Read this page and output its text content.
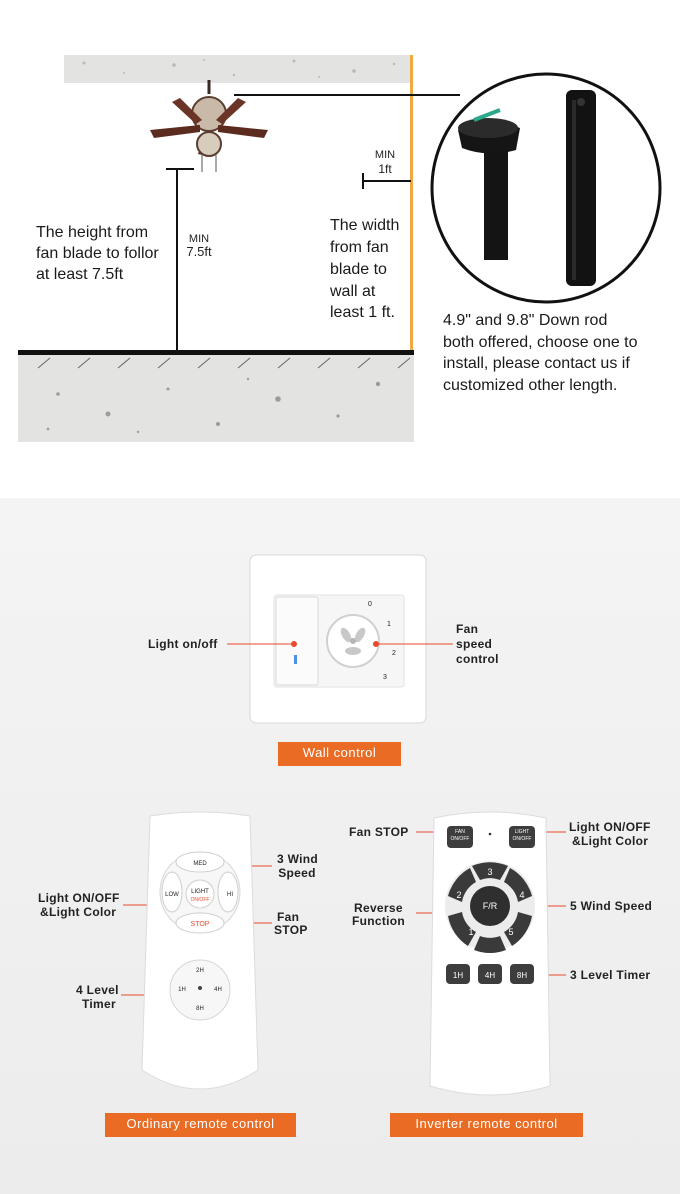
MIN
1ft
MIN
7.5ft
The height from
fan blade to follor
at least 7.5ft
The width
from fan
blade to
wall at
least 1 ft.	4.9" and 9.8" Down rod
both offered, choose one to
install, please contact us if
customized other length.
0
1
2
3
Light on/off
Fan
speed
control
Wall control
MED
LOW	HI
LIGHT
ON/OFF
STOP
2H
1H	4H
8H
3 Wind
Speed
Light ON/OFF
&Light Color	Fan
STOP
4 Level
Timer
Ordinary remote control
FAN
ON/OFF
LIGHT
ON/OFF
3
2	4
F/R
1	5
1H	4H	8H
Fan STOP	Light ON/OFF
&Light Color
Reverse
Function
5 Wind Speed
3 Level Timer
Inverter remote control
